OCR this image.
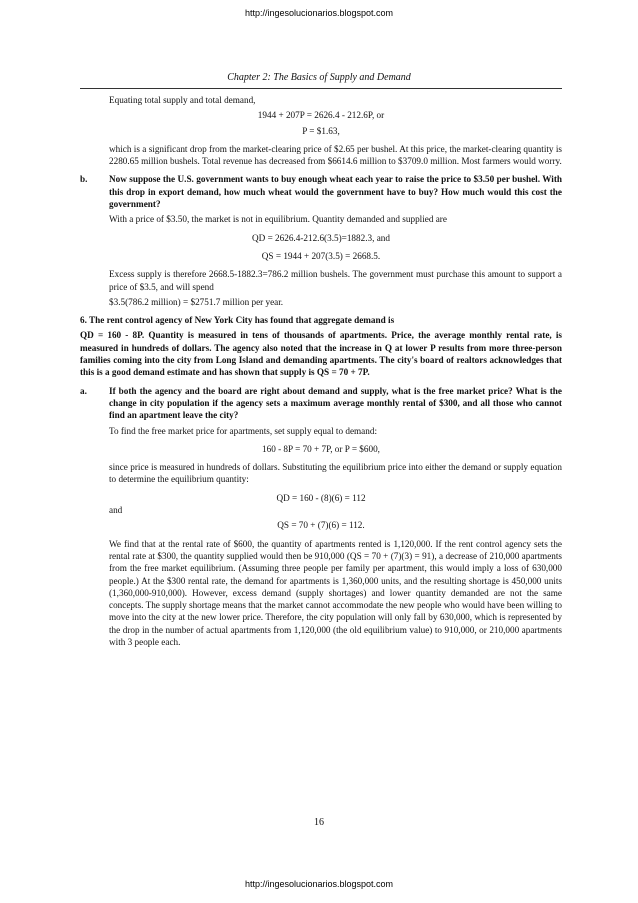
http://ingesolucionarios.blogspot.com
Chapter 2: The Basics of Supply and Demand

Equating total supply and total demand,

1944 + 207P = 2626.4 - 212.6P, or

P = $1.63,

which is a significant drop from the market-clearing price of $2.65 per bushel. At this price, the market-clearing quantity is 2280.65 million bushels. Total revenue has decreased from $6614.6 million to $3709.0 million. Most farmers would worry.

b.	Now suppose the U.S. government wants to buy enough wheat each year to raise the price to $3.50 per bushel. With this drop in export demand, how much wheat would the government have to buy? How much would this cost the government?

With a price of $3.50, the market is not in equilibrium. Quantity demanded and supplied are

QD = 2626.4-212.6(3.5)=1882.3, and

QS = 1944 + 207(3.5) = 2668.5.

Excess supply is therefore 2668.5-1882.3=786.2 million bushels. The government must purchase this amount to support a price of $3.5, and will spend

$3.5(786.2 million) = $2751.7 million per year.

6. The rent control agency of New York City has found that aggregate demand is

QD = 160 - 8P. Quantity is measured in tens of thousands of apartments. Price, the average monthly rental rate, is measured in hundreds of dollars. The agency also noted that the increase in Q at lower P results from more three-person families coming into the city from Long Island and demanding apartments. The city's board of realtors acknowledges that this is a good demand estimate and has shown that supply is QS = 70 + 7P.

a.	If both the agency and the board are right about demand and supply, what is the free market price? What is the change in city population if the agency sets a maximum average monthly rental of $300, and all those who cannot find an apartment leave the city?

To find the free market price for apartments, set supply equal to demand:

160 - 8P = 70 + 7P, or P = $600,

since price is measured in hundreds of dollars. Substituting the equilibrium price into either the demand or supply equation to determine the equilibrium quantity:

QD = 160 - (8)(6) = 112

and

QS = 70 + (7)(6) = 112.

We find that at the rental rate of $600, the quantity of apartments rented is 1,120,000. If the rent control agency sets the rental rate at $300, the quantity supplied would then be 910,000 (QS = 70 + (7)(3) = 91), a decrease of 210,000 apartments from the free market equilibrium. (Assuming three people per family per apartment, this would imply a loss of 630,000 people.) At the $300 rental rate, the demand for apartments is 1,360,000 units, and the resulting shortage is 450,000 units (1,360,000-910,000). However, excess demand (supply shortages) and lower quantity demanded are not the same concepts. The supply shortage means that the market cannot accommodate the new people who would have been willing to move into the city at the new lower price. Therefore, the city population will only fall by 630,000, which is represented by the drop in the number of actual apartments from 1,120,000 (the old equilibrium value) to 910,000, or 210,000 apartments with 3 people each.

16
http://ingesolucionarios.blogspot.com
